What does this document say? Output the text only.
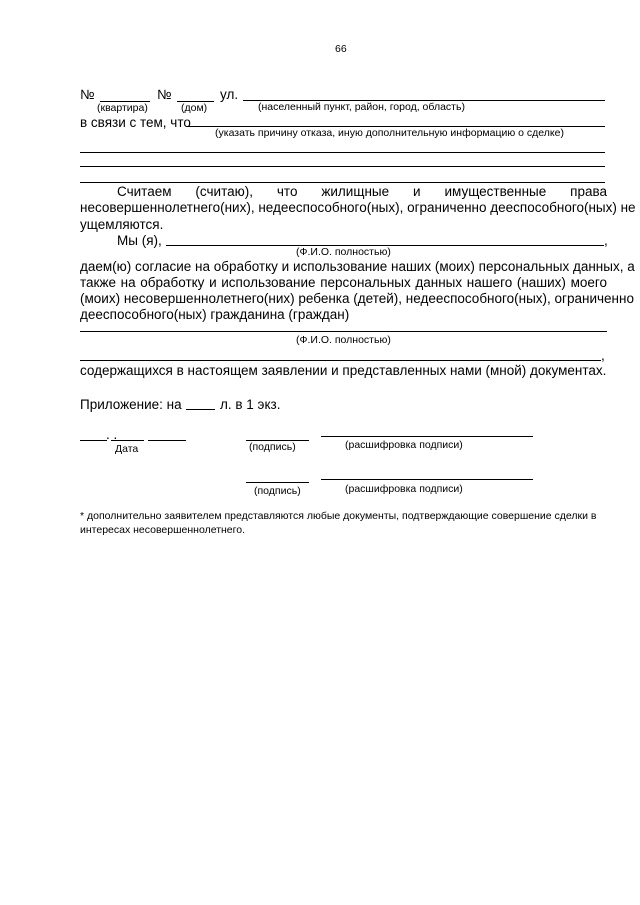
66
№	№	ул.
(квартира)	(дом)	(населенный пункт, район, город, область)
в связи с тем, что
(указать причину отказа, иную дополнительную информацию о сделке)
Считаем (считаю), что жилищные и имущественные права
несовершеннолетнего(них), недееспособного(ных), ограниченно дееспособного(ных) не
ущемляются.
Мы (я),	,
(Ф.И.О. полностью)
даем(ю) согласие на обработку и использование наших (моих) персональных данных, а
также на обработку и использование персональных данных нашего (наших) моего
(моих) несовершеннолетнего(них) ребенка (детей), недееспособного(ных), ограниченно
дееспособного(ных) гражданина (граждан)
(Ф.И.О. полностью)
,
содержащихся в настоящем заявлении и представленных нами (мной) документах.
Приложение: на	л. в 1 экз.
. .
Дата	(подпись)	(расшифровка подписи)
(подпись)	(расшифровка подписи)
* дополнительно заявителем представляются любые документы, подтверждающие совершение сделки в
интересах несовершеннолетнего.
